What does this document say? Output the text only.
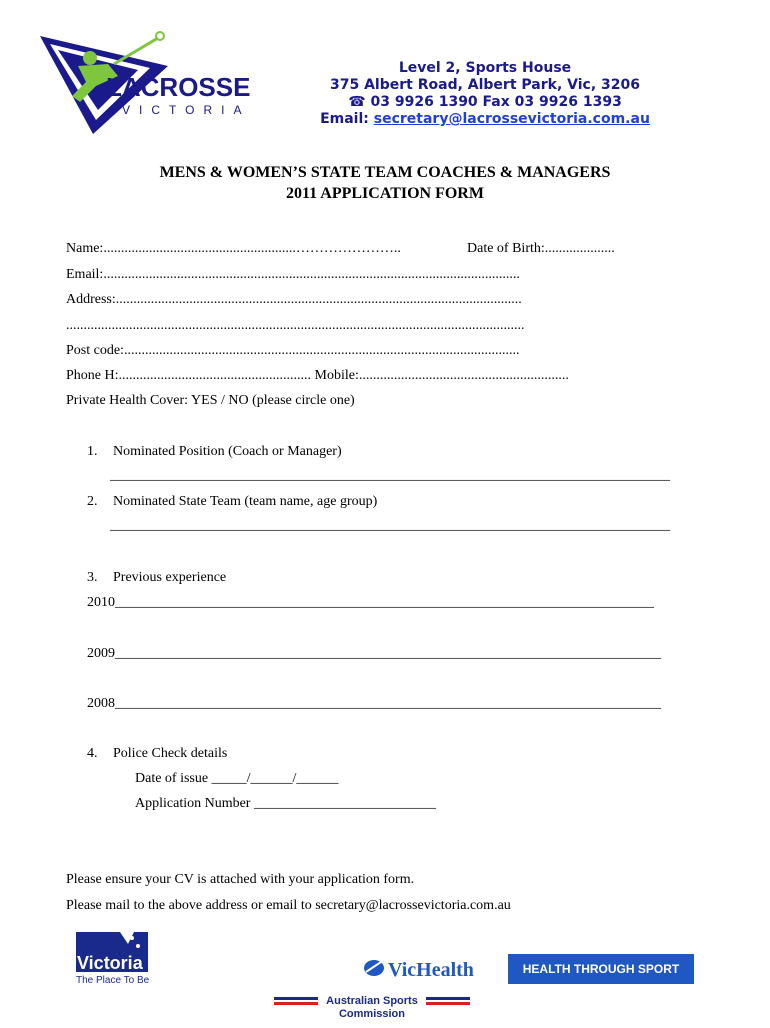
LACROSSE
VICTORIA
Level 2, Sports House
375 Albert Road, Albert Park, Vic, 3206
☎ 03 9926 1390 Fax 03 9926 1393
Email: secretary@lacrossevictoria.com.au
MENS & WOMEN’S STATE TEAM COACHES & MANAGERS
2011 APPLICATION FORM
Name:.......................................................…………………..	Date of Birth:....................
Email:.......................................................................................................................
Address:....................................................................................................................
...................................................................................................................................
Post code:.................................................................................................................
Phone H:....................................................... Mobile:............................................................
Private Health Cover: YES / NO (please circle one)
1. Nominated Position (Coach or Manager)
________________________________________________________________________________
2. Nominated State Team (team name, age group)
________________________________________________________________________________
3. Previous experience
2010_____________________________________________________________________________
2009______________________________________________________________________________
2008______________________________________________________________________________
4. Police Check details
Date of issue _____/______/______
Application Number __________________________
Please ensure your CV is attached with your application form.
Please mail to the above address or email to secretary@lacrossevictoria.com.au
Victoria
The Place To Be	VicHealth	HEALTH THROUGH SPORT
Australian Sports
Commission
